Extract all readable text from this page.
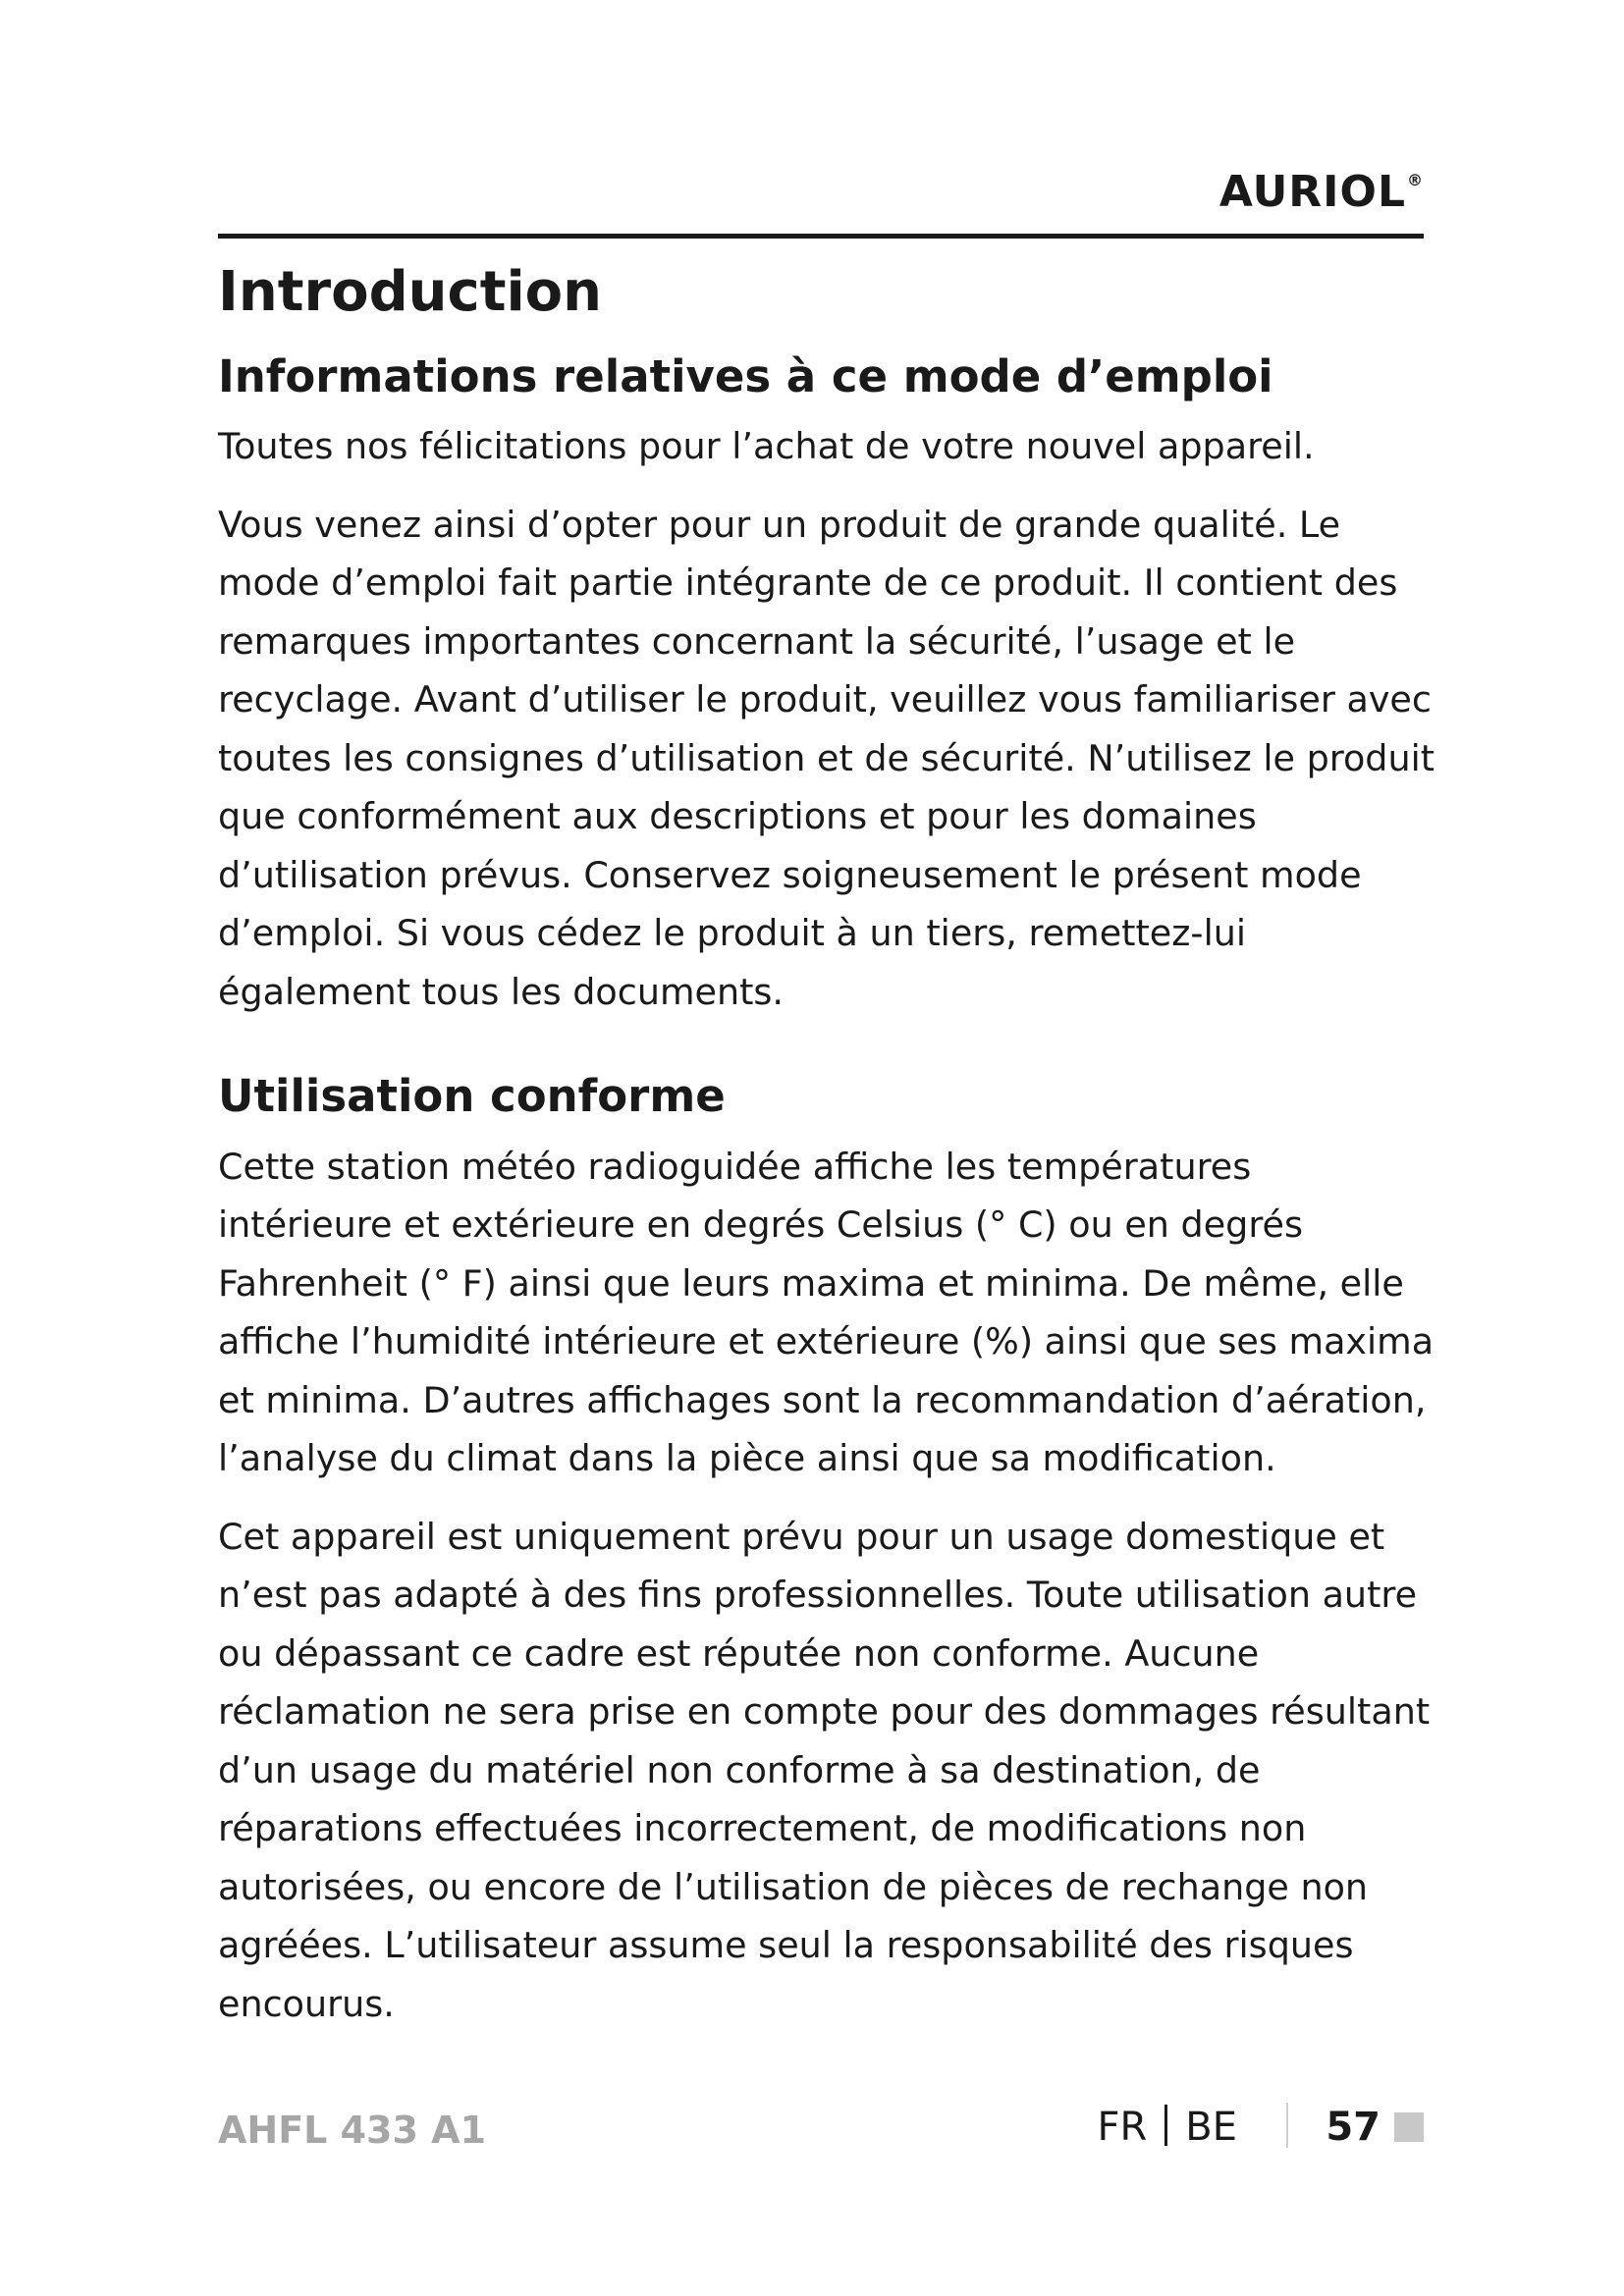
AURIOL®
Introduction
Informations relatives à ce mode d’emploi

Toutes nos félicitations pour l’achat de votre nouvel appareil.

Vous venez ainsi d’opter pour un produit de grande qualité. Le mode d’emploi fait partie intégrante de ce produit. Il contient des remarques importantes concernant la sécurité, l’usage et le recyclage. Avant d’utiliser le produit, veuillez vous familiariser avec toutes les consignes d’utilisation et de sécurité. N’utilisez le produit que conformément aux descriptions et pour les domaines d’utilisation prévus. Conservez soigneusement le présent mode d’emploi. Si vous cédez le produit à un tiers, remettez-lui également tous les documents.

Utilisation conforme

Cette station météo radioguidée affiche les températures intérieure et extérieure en degrés Celsius (° C) ou en degrés Fahrenheit (° F) ainsi que leurs maxima et minima. De même, elle affiche l’humidité intérieure et extérieure (%) ainsi que ses maxima et minima. D’autres affichages sont la recommandation d’aération, l’analyse du climat dans la pièce ainsi que sa modification.

Cet appareil est uniquement prévu pour un usage domestique et n’est pas adapté à des fins professionnelles. Toute utilisation autre ou dépassant ce cadre est réputée non conforme. Aucune réclamation ne sera prise en compte pour des dommages résultant d’un usage du matériel non conforme à sa destination, de réparations effectuées incorrectement, de modifications non autorisées, ou encore de l’utilisation de pièces de rechange non agréées. L’utilisateur assume seul la responsabilité des risques encourus.

AHFL 433 A1	FR BE 57
